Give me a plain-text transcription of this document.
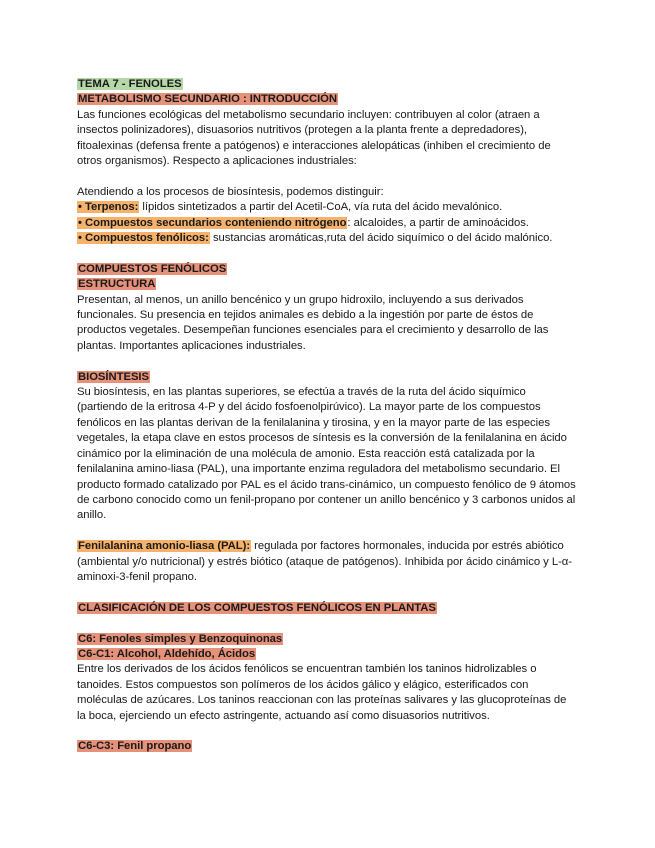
TEMA 7 - FENOLES

METABOLISMO SECUNDARIO : INTRODUCCIÓN

Las funciones ecológicas del metabolismo secundario incluyen: contribuyen al color (atraen a insectos polinizadores), disuasorios nutritivos (protegen a la planta frente a depredadores), fitoalexinas (defensa frente a patógenos) e interacciones alelopáticas (inhiben el crecimiento de otros organismos). Respecto a aplicaciones industriales:

Atendiendo a los procesos de biosíntesis, podemos distinguir:

• Terpenos: lípidos sintetizados a partir del Acetil-CoA, vía ruta del ácido mevalónico.

• Compuestos secundarios conteniendo nitrógeno: alcaloides, a partir de aminoácidos.

• Compuestos fenólicos: sustancias aromáticas,ruta del ácido siquímico o del ácido malónico.

COMPUESTOS FENÓLICOS

ESTRUCTURA

Presentan, al menos, un anillo bencénico y un grupo hidroxilo, incluyendo a sus derivados funcionales. Su presencia en tejidos animales es debido a la ingestión por parte de éstos de productos vegetales. Desempeñan funciones esenciales para el crecimiento y desarrollo de las plantas. Importantes aplicaciones industriales.

BIOSÍNTESIS

Su biosíntesis, en las plantas superiores, se efectúa a través de la ruta del ácido siquímico (partiendo de la eritrosa 4-P y del ácido fosfoenolpirúvico). La mayor parte de los compuestos fenólicos en las plantas derivan de la fenilalanina y tirosina, y en la mayor parte de las especies vegetales, la etapa clave en estos procesos de síntesis es la conversión de la fenilalanina en ácido cinámico por la eliminación de una molécula de amonio. Esta reacción está catalizada por la fenilalanina amino-liasa (PAL), una importante enzima reguladora del metabolismo secundario. El producto formado catalizado por PAL es el ácido trans-cinámico, un compuesto fenólico de 9 átomos de carbono conocido como un fenil-propano por contener un anillo bencénico y 3 carbonos unidos al anillo.

Fenilalanina amonio-liasa (PAL): regulada por factores hormonales, inducida por estrés abiótico (ambiental y/o nutricional) y estrés biótico (ataque de patógenos). Inhibida por ácido cinámico y L-α-aminoxi-3-fenil propano.

CLASIFICACIÓN DE LOS COMPUESTOS FENÓLICOS EN PLANTAS

C6: Fenoles simples y Benzoquinonas

C6-C1: Alcohol, Aldehído, Ácidos

Entre los derivados de los ácidos fenólicos se encuentran también los taninos hidrolizables o tanoides. Estos compuestos son polímeros de los ácidos gálico y elágico, esterificados con moléculas de azúcares. Los taninos reaccionan con las proteínas salivares y las glucoproteínas de la boca, ejerciendo un efecto astringente, actuando así como disuasorios nutritivos.

C6-C3: Fenil propano
